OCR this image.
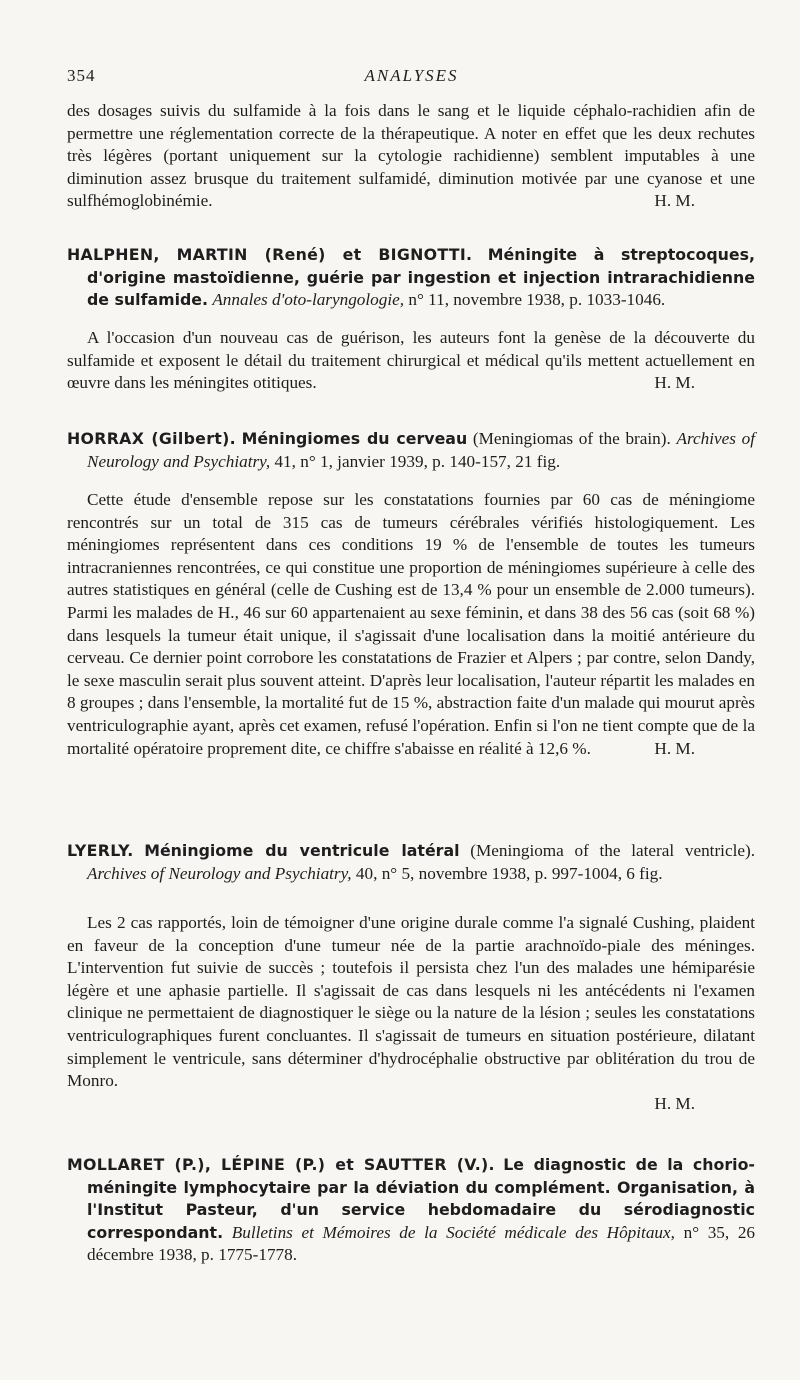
354	ANALYSES

des dosages suivis du sulfamide à la fois dans le sang et le liquide céphalo-rachidien afin de permettre une réglementation correcte de la thérapeutique. A noter en effet que les deux rechutes très légères (portant uniquement sur la cytologie rachidienne) semblent imputables à une diminution assez brusque du traitement sulfamidé, diminution motivée par une cyanose et une sulfhémoglobinémie.	H. M.

HALPHEN, MARTIN (René) et BIGNOTTI. Méningite à streptocoques, d'origine mastoïdienne, guérie par ingestion et injection intrarachidienne de sulfamide. Annales d'oto-laryngologie, n° 11, novembre 1938, p. 1033-1046.

A l'occasion d'un nouveau cas de guérison, les auteurs font la genèse de la découverte du sulfamide et exposent le détail du traitement chirurgical et médical qu'ils mettent actuellement en œuvre dans les méningites otitiques.	H. M.

HORRAX (Gilbert). Méningiomes du cerveau (Meningiomas of the brain). Archives of Neurology and Psychiatry, 41, n° 1, janvier 1939, p. 140-157, 21 fig.

Cette étude d'ensemble repose sur les constatations fournies par 60 cas de méningiome rencontrés sur un total de 315 cas de tumeurs cérébrales vérifiés histologiquement. Les méningiomes représentent dans ces conditions 19 % de l'ensemble de toutes les tumeurs intracraniennes rencontrées, ce qui constitue une proportion de méningiomes supérieure à celle des autres statistiques en général (celle de Cushing est de 13,4 % pour un ensemble de 2.000 tumeurs). Parmi les malades de H., 46 sur 60 appartenaient au sexe féminin, et dans 38 des 56 cas (soit 68 %) dans lesquels la tumeur était unique, il s'agissait d'une localisation dans la moitié antérieure du cerveau. Ce dernier point corrobore les constatations de Frazier et Alpers ; par contre, selon Dandy, le sexe masculin serait plus souvent atteint. D'après leur localisation, l'auteur répartit les malades en 8 groupes ; dans l'ensemble, la mortalité fut de 15 %, abstraction faite d'un malade qui mourut après ventriculographie ayant, après cet examen, refusé l'opération. Enfin si l'on ne tient compte que de la mortalité opératoire proprement dite, ce chiffre s'abaisse en réalité à 12,6 %.	H. M.

LYERLY. Méningiome du ventricule latéral (Meningioma of the lateral ventricle). Archives of Neurology and Psychiatry, 40, n° 5, novembre 1938, p. 997-1004, 6 fig.

Les 2 cas rapportés, loin de témoigner d'une origine durale comme l'a signalé Cushing, plaident en faveur de la conception d'une tumeur née de la partie arachnoïdo-piale des méninges. L'intervention fut suivie de succès ; toutefois il persista chez l'un des malades une hémiparésie légère et une aphasie partielle. Il s'agissait de cas dans lesquels ni les antécédents ni l'examen clinique ne permettaient de diagnostiquer le siège ou la nature de la lésion ; seules les constatations ventriculographiques furent concluantes. Il s'agissait de tumeurs en situation postérieure, dilatant simplement le ventricule, sans déterminer d'hydrocéphalie obstructive par oblitération du trou de Monro.

H. M.

MOLLARET (P.), LÉPINE (P.) et SAUTTER (V.). Le diagnostic de la chorio-méningite lymphocytaire par la déviation du complément. Organisation, à l'Institut Pasteur, d'un service hebdomadaire du sérodiagnostic correspondant. Bulletins et Mémoires de la Société médicale des Hôpitaux, n° 35, 26 décembre 1938, p. 1775-1778.
